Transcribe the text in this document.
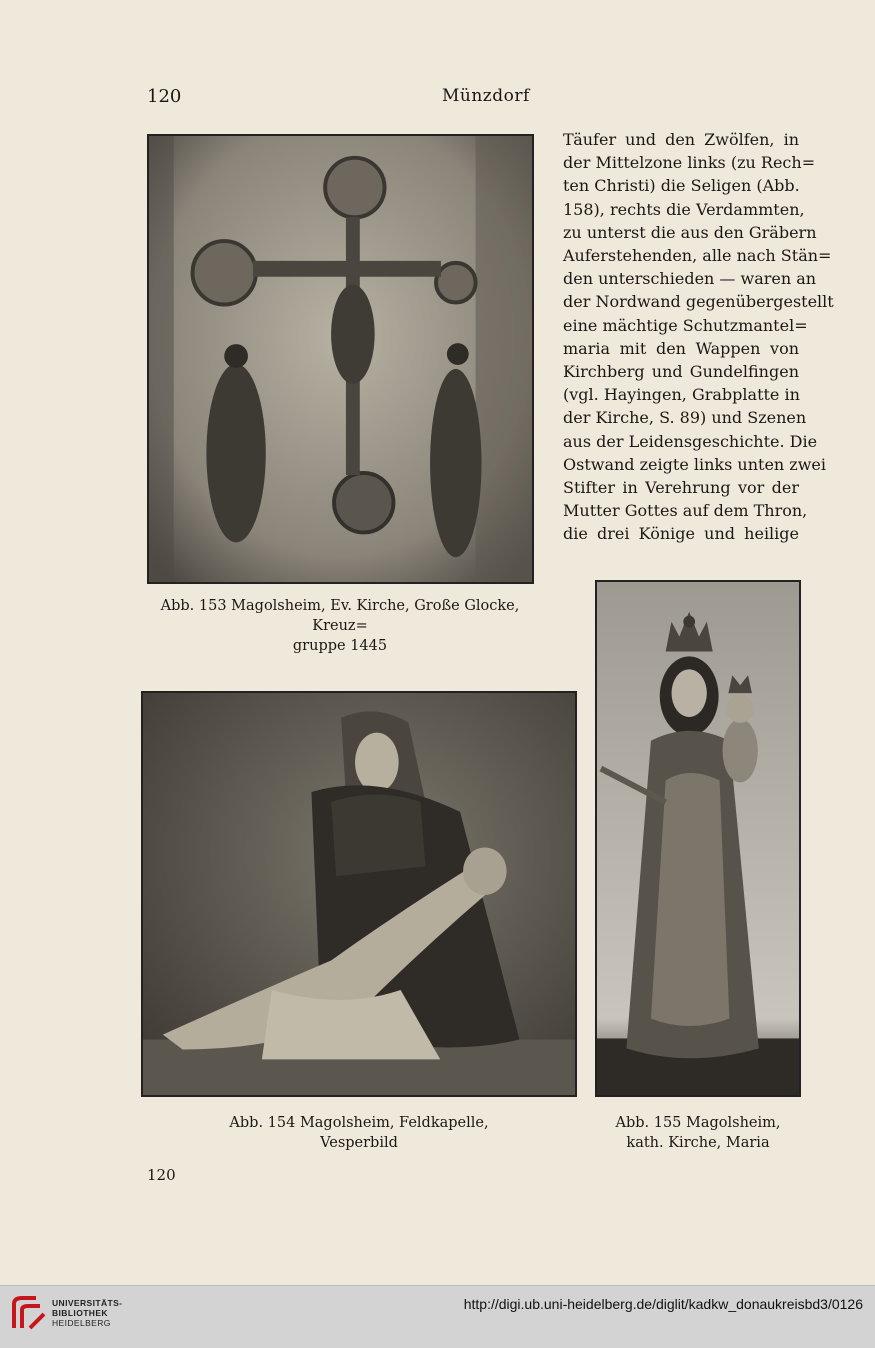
120	Münzdorf
Täufer und den Zwölfen, in
der Mittelzone links (zu Rech=
ten Christi) die Seligen (Abb.
158), rechts die Verdammten,
zu unterst die aus den Gräbern
Auferstehenden, alle nach Stän=
den unterschieden — waren an
der Nordwand gegenübergestellt
eine mächtige Schutzmantel=
maria mit den Wappen von
Kirchberg und Gundelfingen
(vgl. Hayingen, Grabplatte in
der Kirche, S. 89) und Szenen
aus der Leidensgeschichte. Die
Ostwand zeigte links unten zwei
Stifter in Verehrung vor der
Mutter Gottes auf dem Thron,
die drei Könige und heilige
Abb. 153 Magolsheim, Ev. Kirche, Große Glocke, Kreuz=
gruppe 1445
Abb. 154 Magolsheim, Feldkapelle,
Vesperbild
Abb. 155 Magolsheim,
kath. Kirche, Maria
120
UNIVERSITÄTS-
BIBLIOTHEK
HEIDELBERG
http://digi.ub.uni-heidelberg.de/diglit/kadkw_donaukreisbd3/0126
